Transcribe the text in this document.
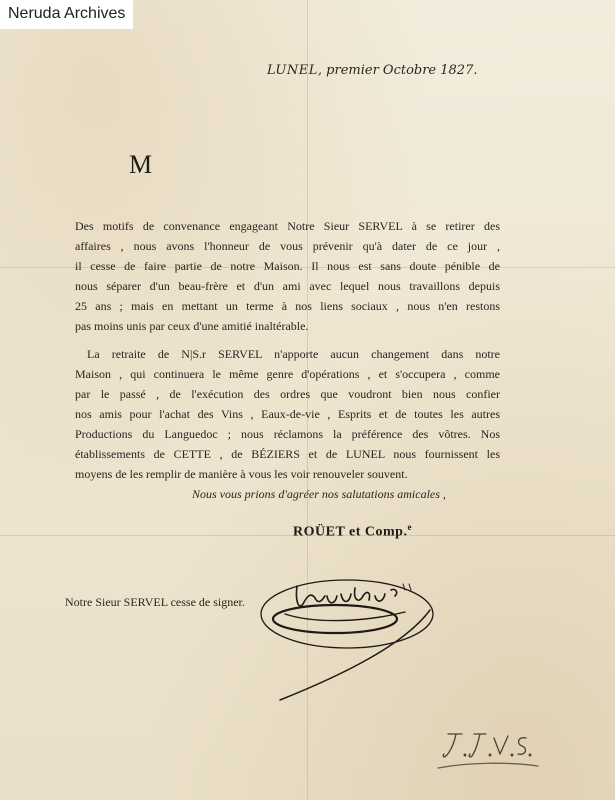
Neruda Archives
LUNEL, premier Octobre 1827.
M
Des motifs de convenance engageant Notre Sieur SERVEL à se retirer des
affaires , nous avons l'honneur de vous prévenir qu'à dater de ce jour ,
il cesse de faire partie de notre Maison. Il nous est sans doute pénible de
nous séparer d'un beau-frère et d'un ami avec lequel nous travaillons depuis
25 ans ; mais en mettant un terme à nos liens sociaux , nous n'en restons
pas moins unis par ceux d'une amitié inaltérable.
La retraite de N|S.r SERVEL n'apporte aucun changement dans notre
Maison , qui continuera le même genre d'opérations , et s'occupera , comme
par le passé , de l'exécution des ordres que voudront bien nous confier
nos amis pour l'achat des Vins , Eaux-de-vie , Esprits et de toutes les autres
Productions du Languedoc ; nous réclamons la préférence des vôtres. Nos
établissements de CETTE , de BÉZIERS et de LUNEL nous fournissent les
moyens de les remplir de manière à vous les voir renouveler souvent.
Nous vous prions d'agréer nos salutations amicales ,
ROÜET et Comp.$^e$
Notre Sieur SERVEL cesse de signer.
